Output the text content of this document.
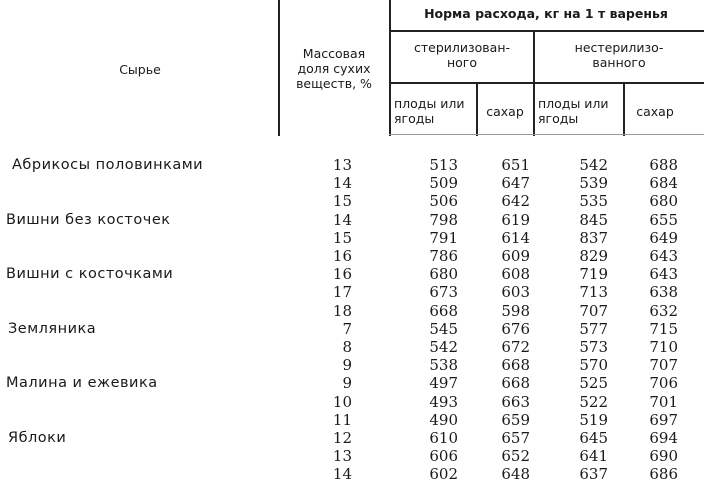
Сырье
Массовая
доля сухих
веществ, %
Норма расхода, кг на 1 т варенья
стерилизован-
ного
нестерилизо-
ванного
плоды или
ягоды	сахар
плоды или
ягоды	сахар
Абрикосы половинками	13	513	651	542	688
14	509	647	539	684
15	506	642	535	680
Вишни без косточек	14	798	619	845	655
15	791	614	837	649
16	786	609	829	643
Вишни с косточками	16	680	608	719	643
17	673	603	713	638
18	668	598	707	632
Земляника	7	545	676	577	715
8	542	672	573	710
9	538	668	570	707
Малина и ежевика	9	497	668	525	706
10	493	663	522	701
11	490	659	519	697
Яблоки	12	610	657	645	694
13	606	652	641	690
14	602	648	637	686
